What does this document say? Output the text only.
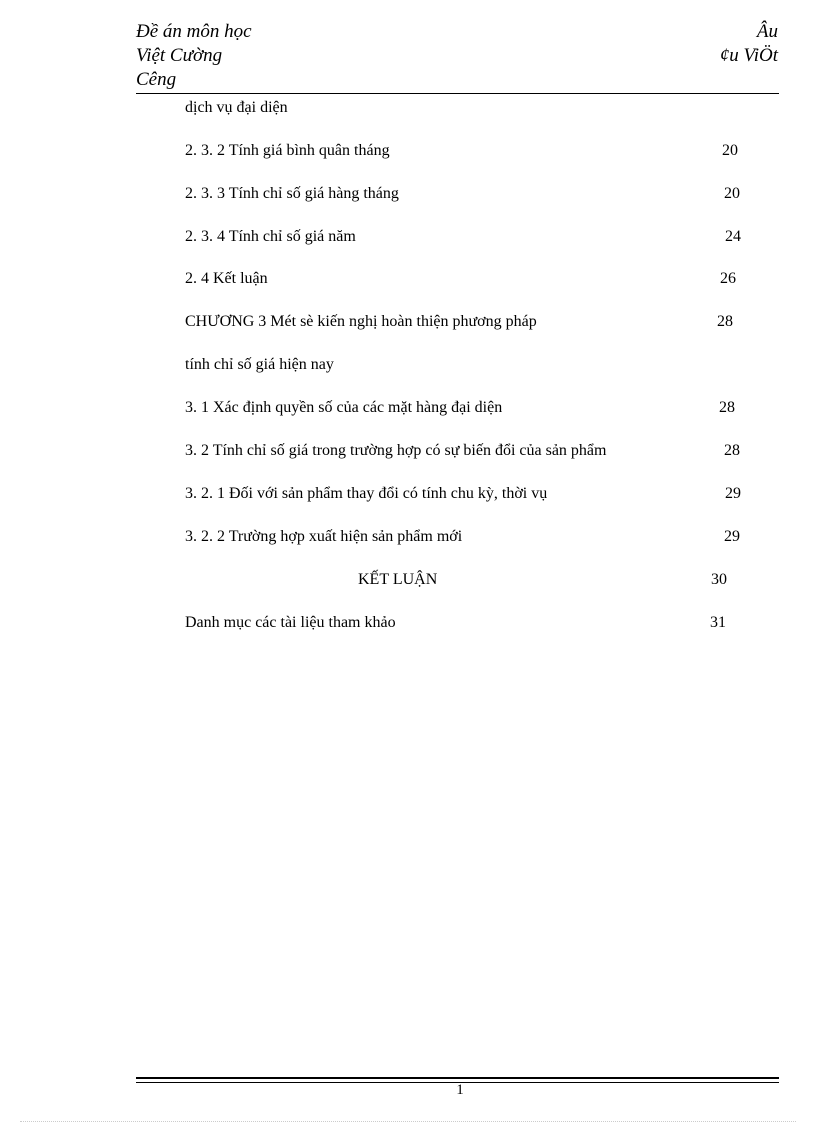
Đề án môn học
Việt Cường
Cêng
Âu
¢u ViÖt
dịch vụ đại diện
2. 3. 2 Tính giá bình quân tháng	20
2. 3. 3 Tính chỉ số giá hàng tháng	20
2. 3. 4 Tính chỉ số giá năm	24
2. 4 Kết luận	26
CHƯƠNG 3 Mét sè kiến nghị hoàn thiện phương pháp	28
tính chỉ số giá hiện nay
3. 1 Xác định quyền số của các mặt hàng đại diện	28
3. 2 Tính chỉ số giá trong trường hợp có sự biến đổi của sản phẩm	28
3. 2. 1 Đối với sản phẩm thay đổi có tính chu kỳ, thời vụ	29
3. 2. 2 Trường hợp xuất hiện sản phẩm mới	29
KẾT LUẬN	30
Danh mục các tài liệu tham khảo	31
1
